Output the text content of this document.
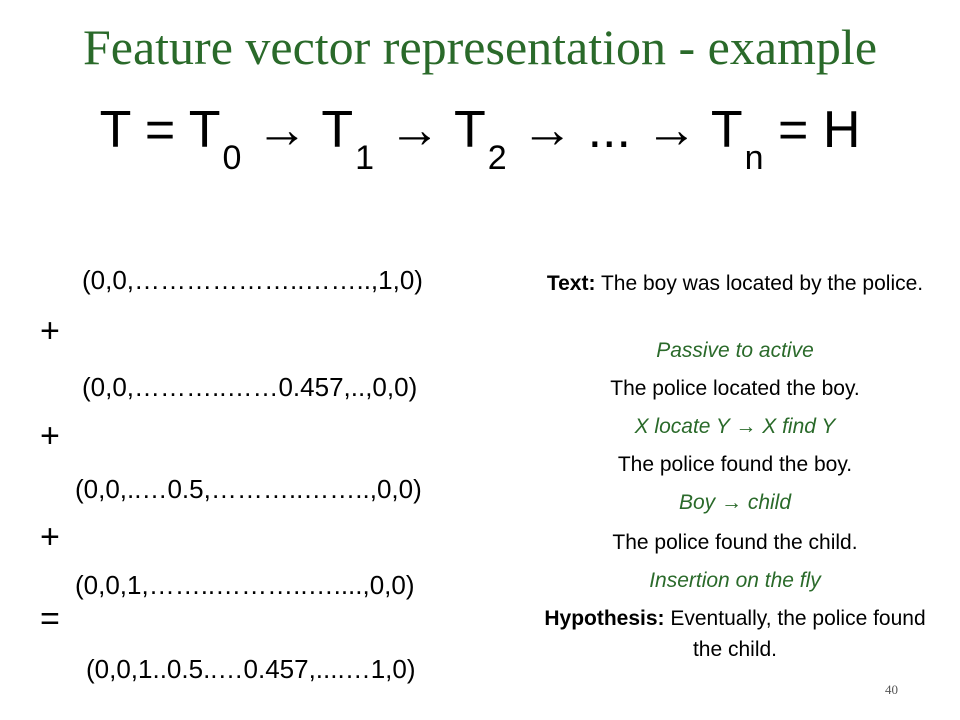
Feature vector representation - example
$T = T_0 \to T_1 \to T_2$ → ... → $T_n = H$
(0,0,………………..……..,1,0)
+
(0,0,………..……0.457,..,0,0)
+
(0,0,..…0.5,………..……..,0,0)
+
(0,0,1,……..………..…....,0,0)
=
(0,0,1..0.5..…0.457,....…1,0)
Text: The boy was located by the police.
Passive to active
The police located the boy.
X locate Y → X find Y
The police found the boy.
Boy → child
The police found the child.
Insertion on the fly
Hypothesis: Eventually, the police found the child.
40
